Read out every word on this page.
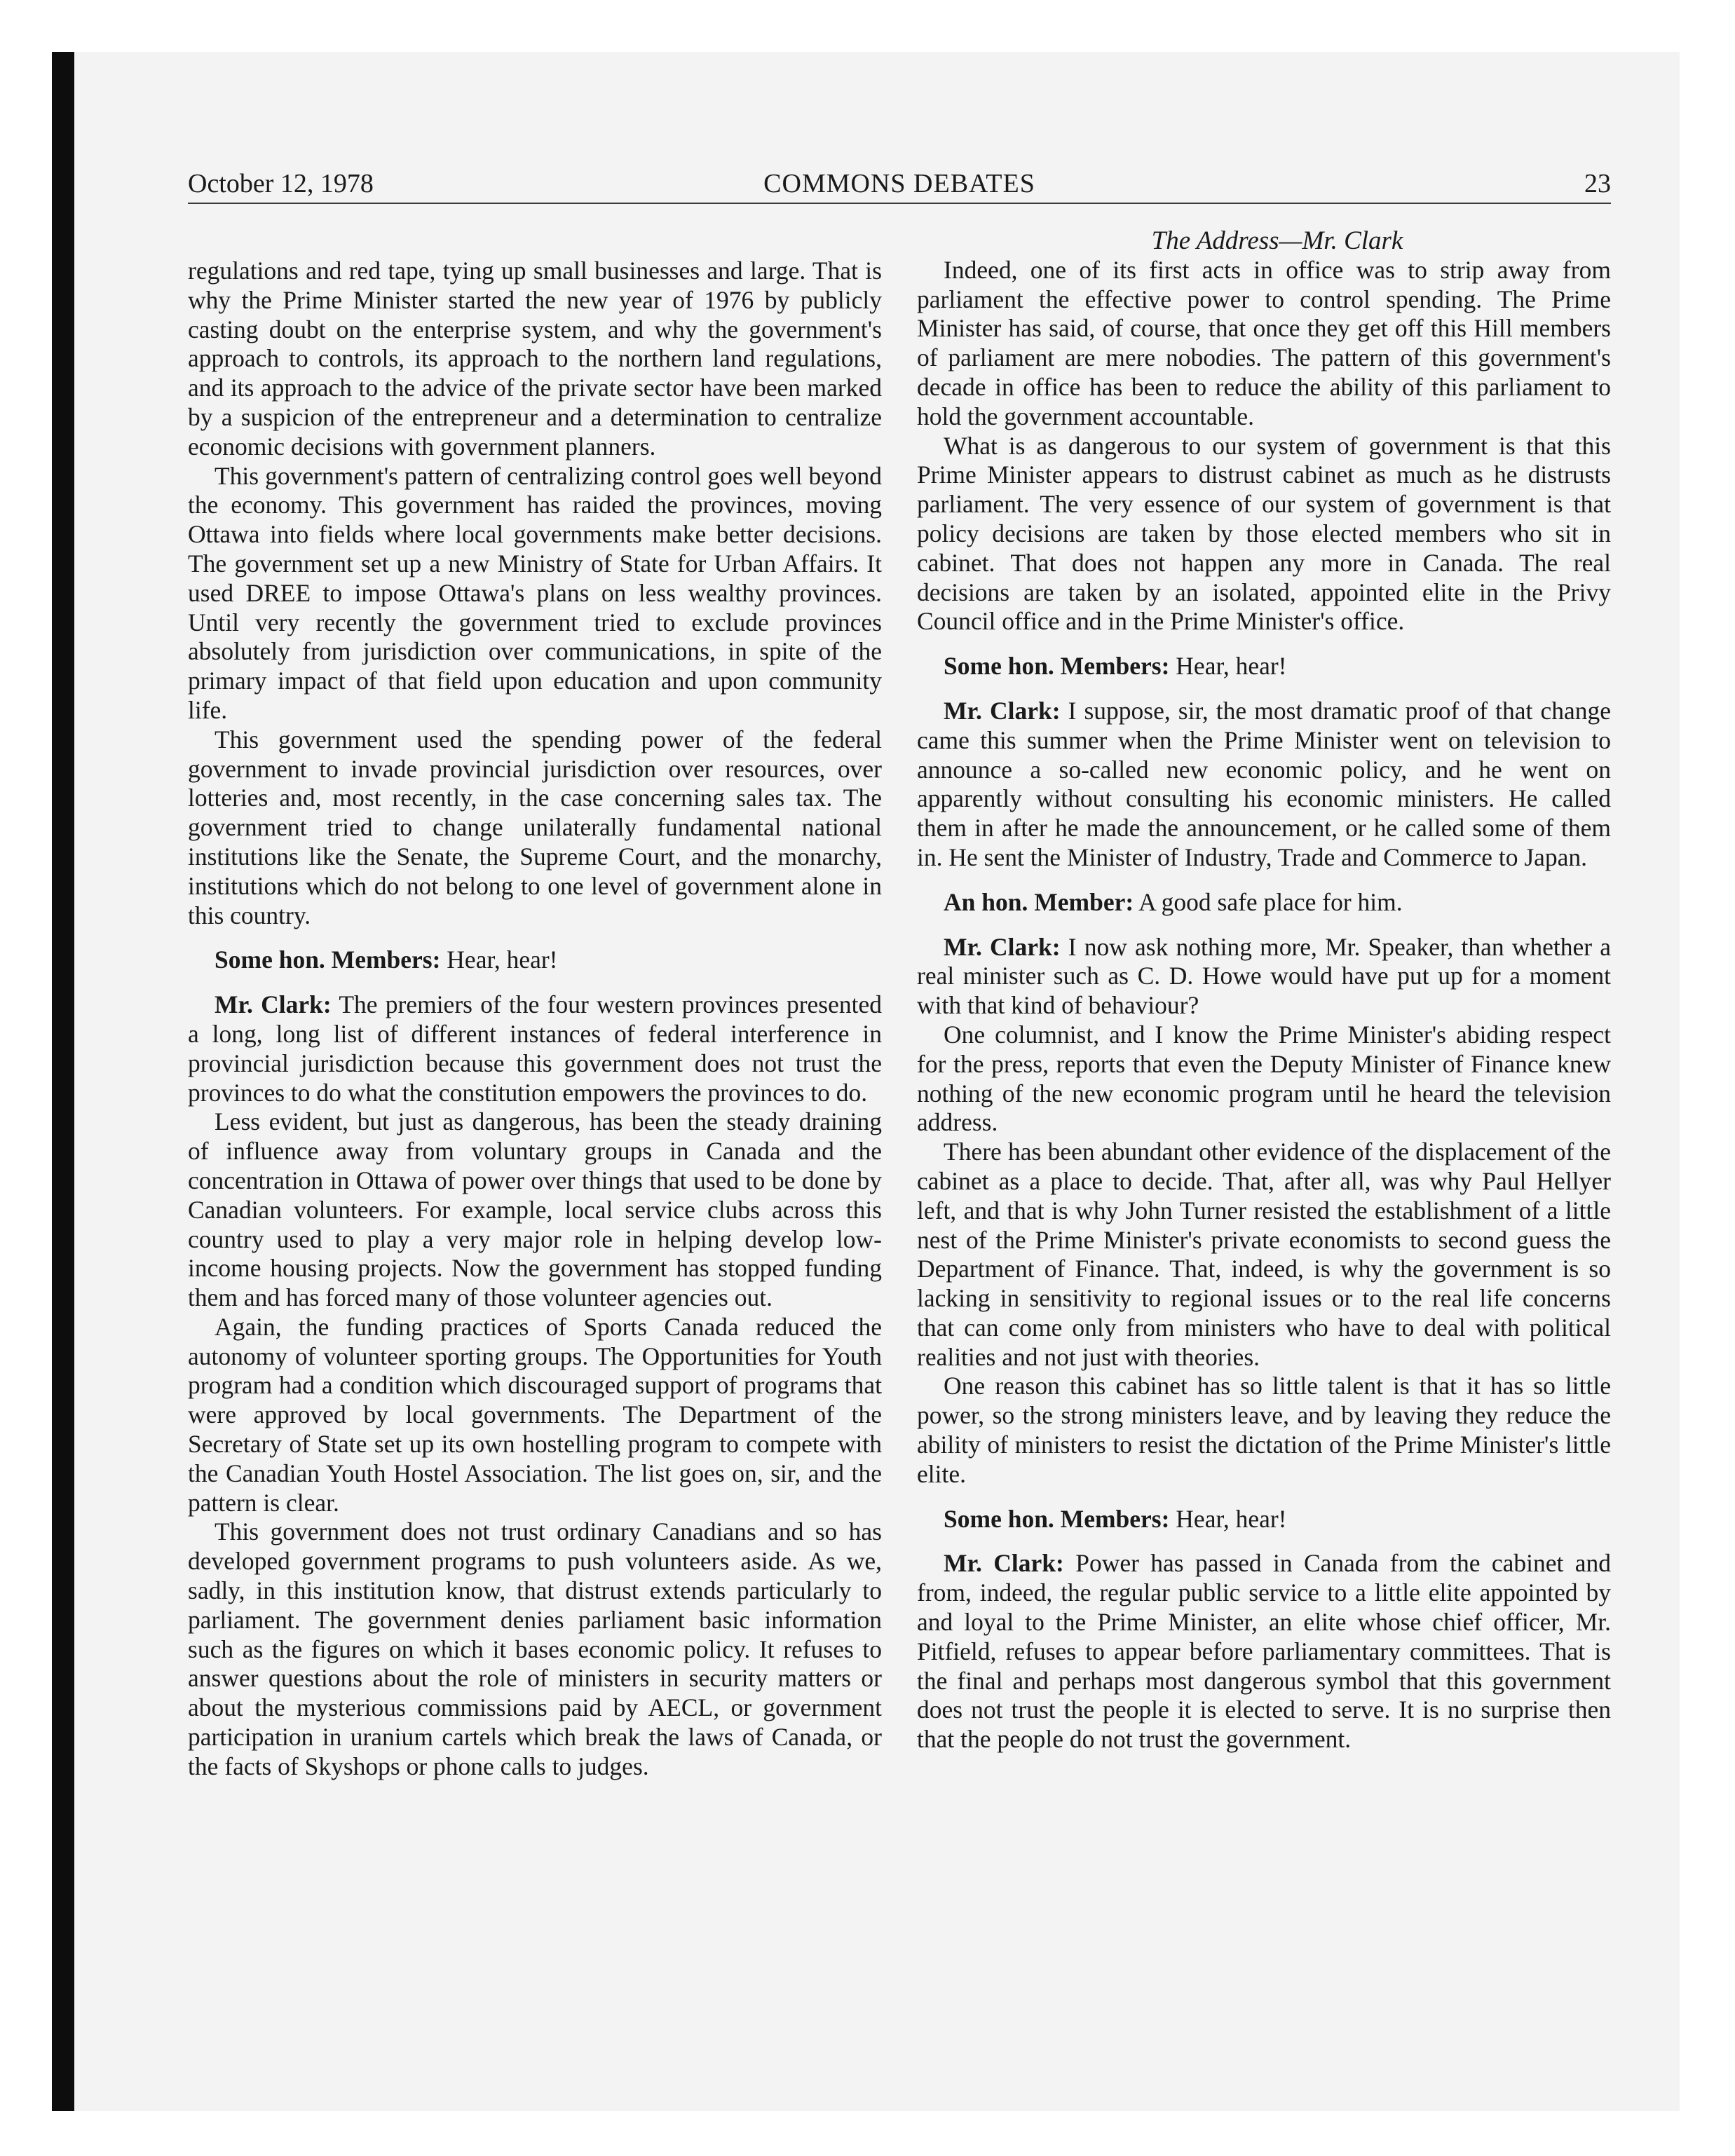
October 12, 1978	COMMONS DEBATES	23

regulations and red tape, tying up small businesses and large. That is why the Prime Minister started the new year of 1976 by publicly casting doubt on the enterprise system, and why the government's approach to controls, its approach to the northern land regulations, and its approach to the advice of the private sector have been marked by a suspicion of the entrepreneur and a determination to centralize economic decisions with government planners.

This government's pattern of centralizing control goes well beyond the economy. This government has raided the provinces, moving Ottawa into fields where local governments make better decisions. The government set up a new Ministry of State for Urban Affairs. It used DREE to impose Ottawa's plans on less wealthy provinces. Until very recently the government tried to exclude provinces absolutely from jurisdiction over communications, in spite of the primary impact of that field upon education and upon community life.

This government used the spending power of the federal government to invade provincial jurisdiction over resources, over lotteries and, most recently, in the case concerning sales tax. The government tried to change unilaterally fundamental national institutions like the Senate, the Supreme Court, and the monarchy, institutions which do not belong to one level of government alone in this country.

Some hon. Members: Hear, hear!

Mr. Clark: The premiers of the four western provinces presented a long, long list of different instances of federal interference in provincial jurisdiction because this government does not trust the provinces to do what the constitution empowers the provinces to do.

Less evident, but just as dangerous, has been the steady draining of influence away from voluntary groups in Canada and the concentration in Ottawa of power over things that used to be done by Canadian volunteers. For example, local service clubs across this country used to play a very major role in helping develop low-income housing projects. Now the government has stopped funding them and has forced many of those volunteer agencies out.

Again, the funding practices of Sports Canada reduced the autonomy of volunteer sporting groups. The Opportunities for Youth program had a condition which discouraged support of programs that were approved by local governments. The Department of the Secretary of State set up its own hostelling program to compete with the Canadian Youth Hostel Association. The list goes on, sir, and the pattern is clear.

This government does not trust ordinary Canadians and so has developed government programs to push volunteers aside. As we, sadly, in this institution know, that distrust extends particularly to parliament. The government denies parliament basic information such as the figures on which it bases economic policy. It refuses to answer questions about the role of ministers in security matters or about the mysterious commissions paid by AECL, or government participation in uranium cartels which break the laws of Canada, or the facts of Skyshops or phone calls to judges.

The Address—Mr. Clark

Indeed, one of its first acts in office was to strip away from parliament the effective power to control spending. The Prime Minister has said, of course, that once they get off this Hill members of parliament are mere nobodies. The pattern of this government's decade in office has been to reduce the ability of this parliament to hold the government accountable.

What is as dangerous to our system of government is that this Prime Minister appears to distrust cabinet as much as he distrusts parliament. The very essence of our system of government is that policy decisions are taken by those elected members who sit in cabinet. That does not happen any more in Canada. The real decisions are taken by an isolated, appointed elite in the Privy Council office and in the Prime Minister's office.

Some hon. Members: Hear, hear!

Mr. Clark: I suppose, sir, the most dramatic proof of that change came this summer when the Prime Minister went on television to announce a so-called new economic policy, and he went on apparently without consulting his economic ministers. He called them in after he made the announcement, or he called some of them in. He sent the Minister of Industry, Trade and Commerce to Japan.

An hon. Member: A good safe place for him.

Mr. Clark: I now ask nothing more, Mr. Speaker, than whether a real minister such as C. D. Howe would have put up for a moment with that kind of behaviour?

One columnist, and I know the Prime Minister's abiding respect for the press, reports that even the Deputy Minister of Finance knew nothing of the new economic program until he heard the television address.

There has been abundant other evidence of the displacement of the cabinet as a place to decide. That, after all, was why Paul Hellyer left, and that is why John Turner resisted the establishment of a little nest of the Prime Minister's private economists to second guess the Department of Finance. That, indeed, is why the government is so lacking in sensitivity to regional issues or to the real life concerns that can come only from ministers who have to deal with political realities and not just with theories.

One reason this cabinet has so little talent is that it has so little power, so the strong ministers leave, and by leaving they reduce the ability of ministers to resist the dictation of the Prime Minister's little elite.

Some hon. Members: Hear, hear!

Mr. Clark: Power has passed in Canada from the cabinet and from, indeed, the regular public service to a little elite appointed by and loyal to the Prime Minister, an elite whose chief officer, Mr. Pitfield, refuses to appear before parliamentary committees. That is the final and perhaps most dangerous symbol that this government does not trust the people it is elected to serve. It is no surprise then that the people do not trust the government.
